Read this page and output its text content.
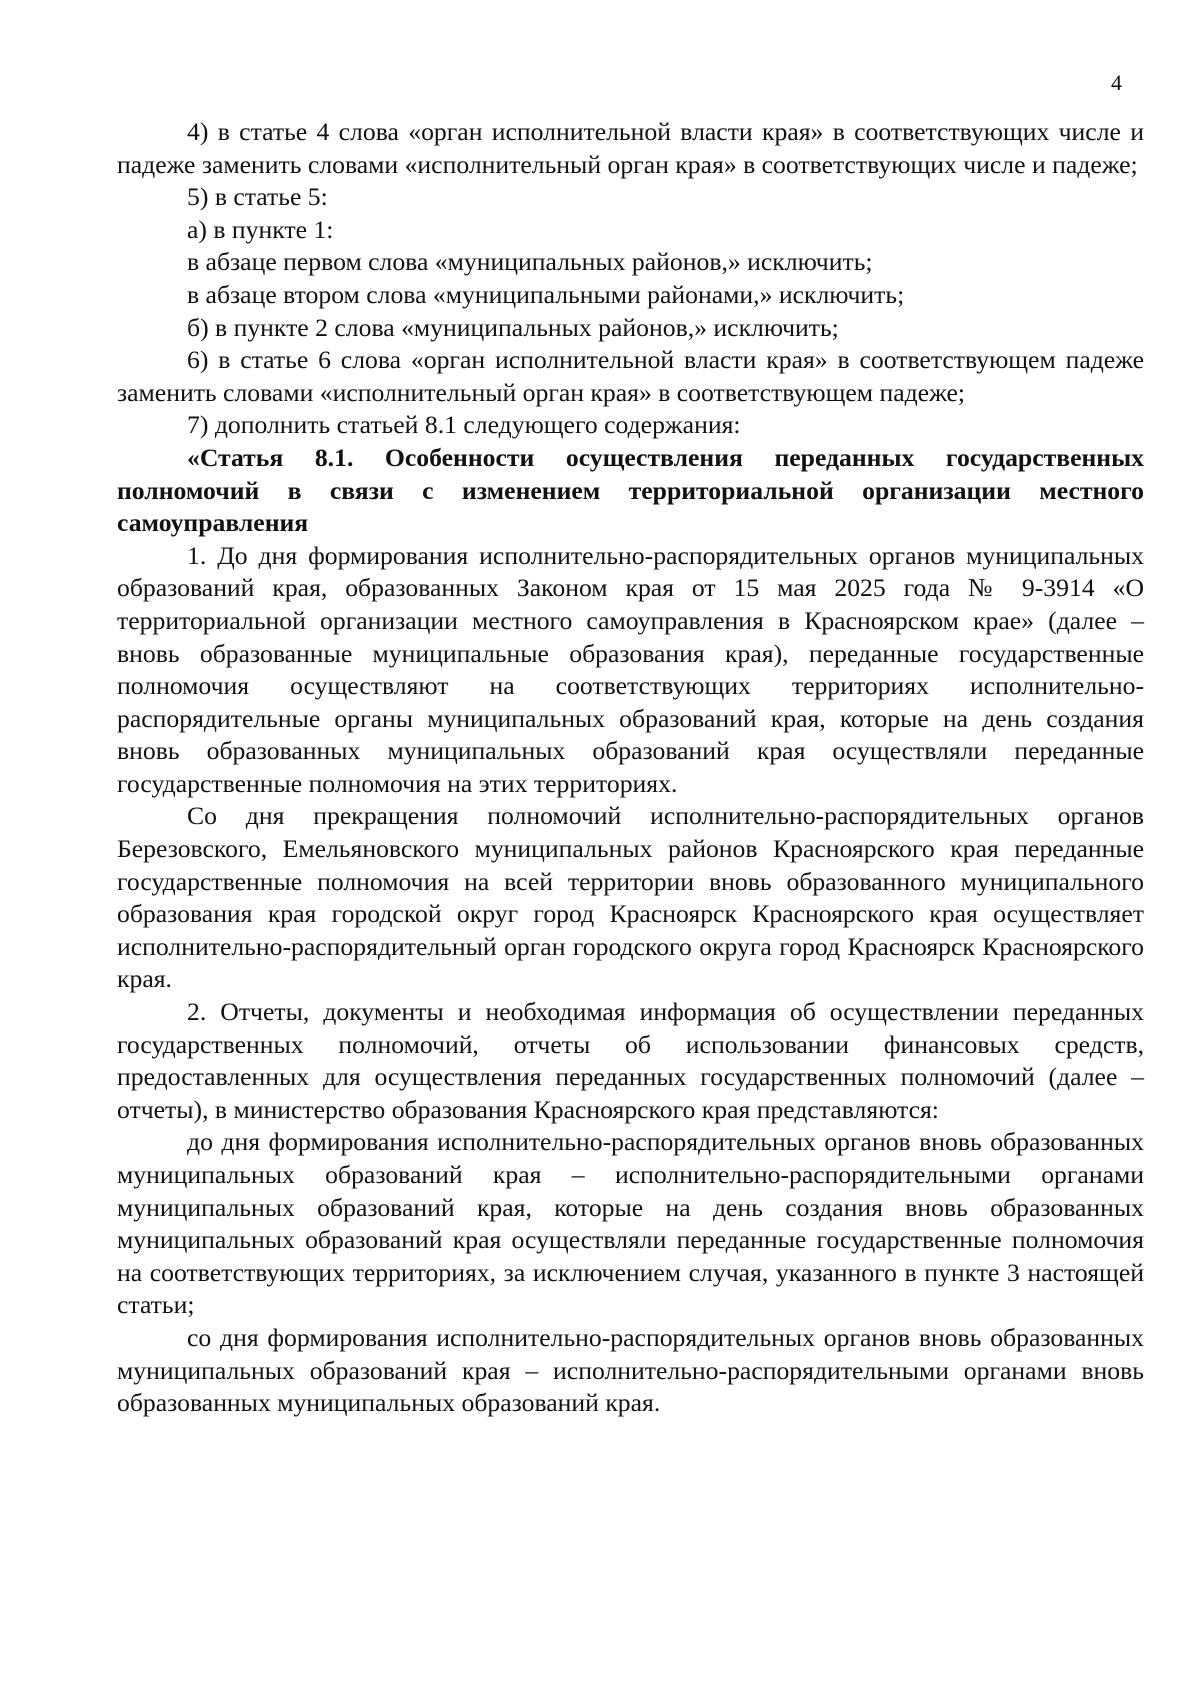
4

4) в статье 4 слова «орган исполнительной власти края» в соответствующих числе и падеже заменить словами «исполнительный орган края» в соответствующих числе и падеже;

5) в статье 5:

а) в пункте 1:

в абзаце первом слова «муниципальных районов,» исключить;

в абзаце втором слова «муниципальными районами,» исключить;

б) в пункте 2 слова «муниципальных районов,» исключить;

6) в статье 6 слова «орган исполнительной власти края» в соответствующем падеже заменить словами «исполнительный орган края» в соответствующем падеже;

7) дополнить статьей 8.1 следующего содержания:

«Статья 8.1. Особенности осуществления переданных государственных полномочий в связи с изменением территориальной организации местного самоуправления

1. До дня формирования исполнительно-распорядительных органов муниципальных образований края, образованных Законом края от 15 мая 2025 года № 9-3914 «О территориальной организации местного самоуправления в Красноярском крае» (далее – вновь образованные муниципальные образования края), переданные государственные полномочия осуществляют на соответствующих территориях исполнительно-распорядительные органы муниципальных образований края, которые на день создания вновь образованных муниципальных образований края осуществляли переданные государственные полномочия на этих территориях.

Со дня прекращения полномочий исполнительно-распорядительных органов Березовского, Емельяновского муниципальных районов Красноярского края переданные государственные полномочия на всей территории вновь образованного муниципального образования края городской округ город Красноярск Красноярского края осуществляет исполнительно-распорядительный орган городского округа город Красноярск Красноярского края.

2. Отчеты, документы и необходимая информация об осуществлении переданных государственных полномочий, отчеты об использовании финансовых средств, предоставленных для осуществления переданных государственных полномочий (далее – отчеты), в министерство образования Красноярского края представляются:

до дня формирования исполнительно-распорядительных органов вновь образованных муниципальных образований края – исполнительно-распорядительными органами муниципальных образований края, которые на день создания вновь образованных муниципальных образований края осуществляли переданные государственные полномочия на соответствующих территориях, за исключением случая, указанного в пункте 3 настоящей статьи;

со дня формирования исполнительно-распорядительных органов вновь образованных муниципальных образований края – исполнительно-распорядительными органами вновь образованных муниципальных образований края.
